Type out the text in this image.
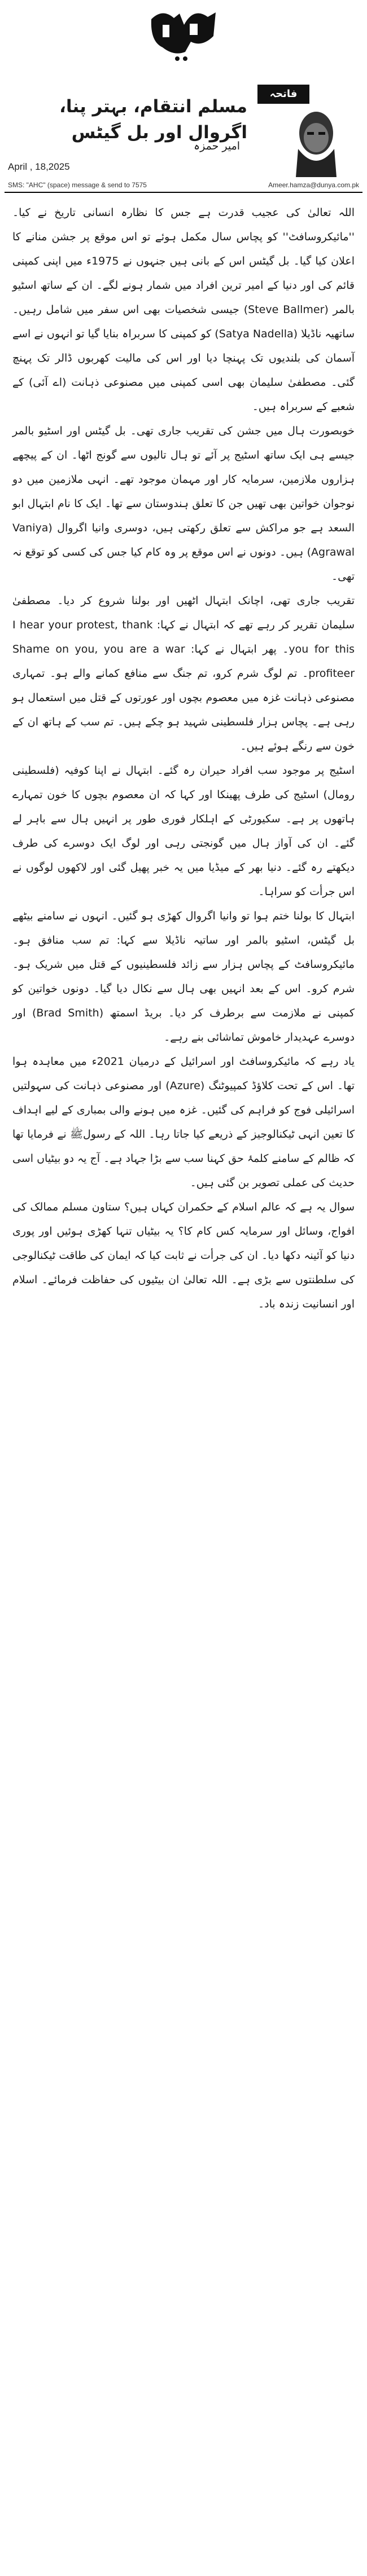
فاتحہ
مسلم انتقام، بہتر پنا، اگروال اور بل گیٹس
امیر حمزہ
April , 18,2025
SMS: "AHC" (space) message & send to 7575	Ameer.hamza@dunya.com.pk

اللہ تعالیٰ کی عجیب قدرت ہے جس کا نظارہ انسانی تاریخ نے کیا۔ ''مائیکروسافٹ'' کو پچاس سال مکمل ہوئے تو اس موقع پر جشن منانے کا اعلان کیا گیا۔ بل گیٹس اس کے بانی ہیں جنہوں نے 1975ء میں اپنی کمپنی قائم کی اور دنیا کے امیر ترین افراد میں شمار ہونے لگے۔ ان کے ساتھ اسٹیو بالمر (Steve Ballmer) جیسی شخصیات بھی اس سفر میں شامل رہیں۔ ساتھیہ ناڈیلا (Satya Nadella) کو کمپنی کا سربراہ بنایا گیا تو انہوں نے اسے آسمان کی بلندیوں تک پہنچا دیا اور اس کی مالیت کھربوں ڈالر تک پہنچ گئی۔ مصطفیٰ سلیمان بھی اسی کمپنی میں مصنوعی ذہانت (اے آئی) کے شعبے کے سربراہ ہیں۔

خوبصورت ہال میں جشن کی تقریب جاری تھی۔ بل گیٹس اور اسٹیو بالمر جیسے ہی ایک ساتھ اسٹیج پر آئے تو ہال تالیوں سے گونج اٹھا۔ ان کے پیچھے ہزاروں ملازمین، سرمایہ کار اور مہمان موجود تھے۔ انہی ملازمین میں دو نوجوان خواتین بھی تھیں جن کا تعلق ہندوستان سے تھا۔ ایک کا نام ابتہال ابو السعد ہے جو مراکش سے تعلق رکھتی ہیں، دوسری وانیا اگروال (Vaniya Agrawal) ہیں۔ دونوں نے اس موقع پر وہ کام کیا جس کی کسی کو توقع نہ تھی۔

تقریب جاری تھی، اچانک ابتہال اٹھیں اور بولنا شروع کر دیا۔ مصطفیٰ سلیمان تقریر کر رہے تھے کہ ابتہال نے کہا: I hear your protest, thank you for this۔ پھر ابتہال نے کہا: Shame on you, you are a war profiteer۔ تم لوگ شرم کرو، تم جنگ سے منافع کمانے والے ہو۔ تمہاری مصنوعی ذہانت غزہ میں معصوم بچوں اور عورتوں کے قتل میں استعمال ہو رہی ہے۔ پچاس ہزار فلسطینی شہید ہو چکے ہیں۔ تم سب کے ہاتھ ان کے خون سے رنگے ہوئے ہیں۔

اسٹیج پر موجود سب افراد حیران رہ گئے۔ ابتہال نے اپنا کوفیہ (فلسطینی رومال) اسٹیج کی طرف پھینکا اور کہا کہ ان معصوم بچوں کا خون تمہارے ہاتھوں پر ہے۔ سکیورٹی کے اہلکار فوری طور پر انہیں ہال سے باہر لے گئے۔ ان کی آواز ہال میں گونجتی رہی اور لوگ ایک دوسرے کی طرف دیکھتے رہ گئے۔ دنیا بھر کے میڈیا میں یہ خبر پھیل گئی اور لاکھوں لوگوں نے اس جرأت کو سراہا۔

ابتہال کا بولنا ختم ہوا تو وانیا اگروال کھڑی ہو گئیں۔ انہوں نے سامنے بیٹھے بل گیٹس، اسٹیو بالمر اور ساتیہ ناڈیلا سے کہا: تم سب منافق ہو۔ مائیکروسافٹ کے پچاس ہزار سے زائد فلسطینیوں کے قتل میں شریک ہو۔ شرم کرو۔ اس کے بعد انہیں بھی ہال سے نکال دیا گیا۔ دونوں خواتین کو کمپنی نے ملازمت سے برطرف کر دیا۔ بریڈ اسمتھ (Brad Smith) اور دوسرے عہدیدار خاموش تماشائی بنے رہے۔

یاد رہے کہ مائیکروسافٹ اور اسرائیل کے درمیان 2021ء میں معاہدہ ہوا تھا۔ اس کے تحت کلاؤڈ کمپیوٹنگ (Azure) اور مصنوعی ذہانت کی سہولتیں اسرائیلی فوج کو فراہم کی گئیں۔ غزہ میں ہونے والی بمباری کے لیے اہداف کا تعین انہی ٹیکنالوجیز کے ذریعے کیا جاتا رہا۔ اللہ کے رسولﷺ نے فرمایا تھا کہ ظالم کے سامنے کلمۂ حق کہنا سب سے بڑا جہاد ہے۔ آج یہ دو بیٹیاں اسی حدیث کی عملی تصویر بن گئی ہیں۔

سوال یہ ہے کہ عالم اسلام کے حکمران کہاں ہیں؟ ستاون مسلم ممالک کی افواج، وسائل اور سرمایہ کس کام کا؟ یہ بیٹیاں تنہا کھڑی ہوئیں اور پوری دنیا کو آئینہ دکھا دیا۔ ان کی جرأت نے ثابت کیا کہ ایمان کی طاقت ٹیکنالوجی کی سلطنتوں سے بڑی ہے۔ اللہ تعالیٰ ان بیٹیوں کی حفاظت فرمائے۔ اسلام اور انسانیت زندہ باد۔
